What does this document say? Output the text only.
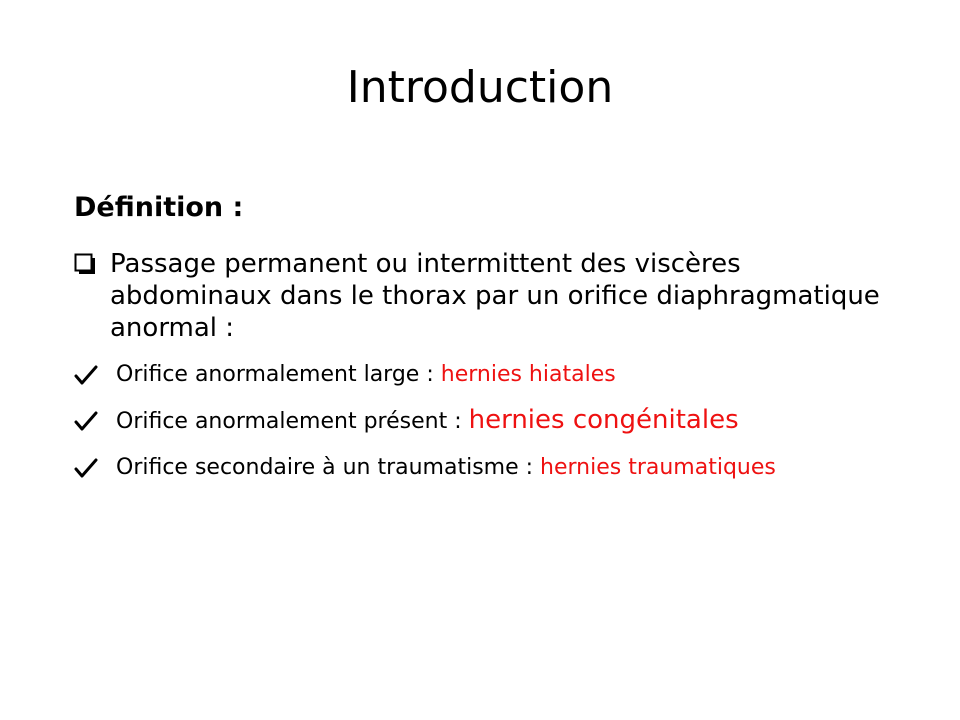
Introduction
Définition :
Passage permanent ou intermittent des viscères abdominaux dans le thorax par un orifice diaphragmatique anormal :
Orifice anormalement large : hernies hiatales
Orifice anormalement présent : hernies congénitales
Orifice secondaire à un traumatisme : hernies traumatiques
